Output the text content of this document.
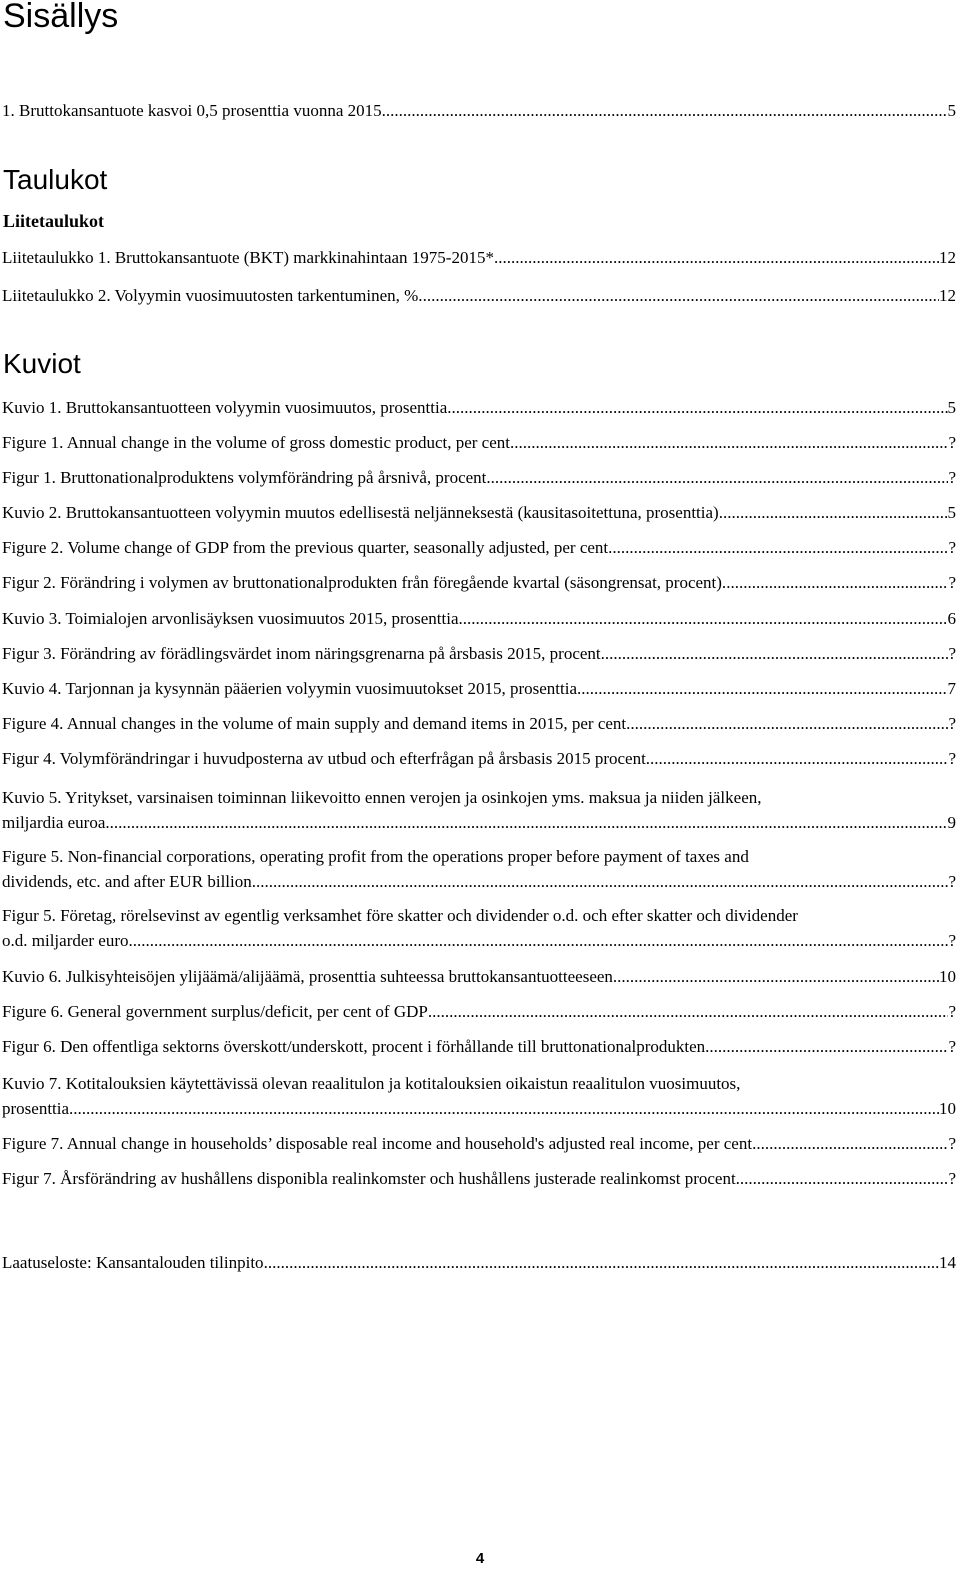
Sisällys
1. Bruttokansantuote kasvoi 0,5 prosenttia vuonna 2015. .....	5
Taulukot
Liitetaulukot
Liitetaulukko 1. Bruttokansantuote (BKT) markkinahintaan 1975-2015*. .....	12
Liitetaulukko 2. Volyymin vuosimuutosten tarkentuminen, %. .....	12
Kuviot
Kuvio 1. Bruttokansantuotteen volyymin vuosimuutos, prosenttia .....	5
Figure 1. Annual change in the volume of gross domestic product, per cent .....	?
Figur 1. Bruttonationalproduktens volymförändring på årsnivå, procent .....	?
Kuvio 2. Bruttokansantuotteen volyymin muutos edellisestä neljänneksestä (kausitasoitettuna, prosenttia) .....	5
Figure 2. Volume change of GDP from the previous quarter, seasonally adjusted, per cent .....	?
Figur 2. Förändring i volymen av bruttonationalprodukten från föregående kvartal (säsongrensat, procent). .....	?
Kuvio 3. Toimialojen arvonlisäyksen vuosimuutos 2015, prosenttia .....	6
Figur 3. Förändring av förädlingsvärdet inom näringsgrenarna på årsbasis 2015, procent .....	?
Kuvio 4. Tarjonnan ja kysynnän pääerien volyymin vuosimuutokset 2015, prosenttia .....	7
Figure 4. Annual changes in the volume of main supply and demand items in 2015, per cent .....	?
Figur 4. Volymförändringar i huvudposterna av utbud och efterfrågan på årsbasis 2015 procent .....	?
Kuvio 5. Yritykset, varsinaisen toiminnan liikevoitto ennen verojen ja osinkojen yms. maksua ja niiden jälkeen,
miljardia euroa .....	9
Figure 5. Non-financial corporations, operating profit from the operations proper before payment of taxes and
dividends, etc. and after EUR billion .....	?
Figur 5. Företag, rörelsevinst av egentlig verksamhet före skatter och dividender o.d. och efter skatter och dividender
o.d. miljarder euro .....	?
Kuvio 6. Julkisyhteisöjen ylijäämä/alijäämä, prosenttia suhteessa bruttokansantuotteeseen .....	10
Figure 6. General government surplus/deficit, per cent of GDP .....	?
Figur 6. Den offentliga sektorns överskott/underskott, procent i förhållande till bruttonationalprodukten .....	?
Kuvio 7. Kotitalouksien käytettävissä olevan reaalitulon ja kotitalouksien oikaistun reaalitulon vuosimuutos,
prosenttia .....	10
Figure 7. Annual change in households’ disposable real income and household's adjusted real income, per cent .....	?
Figur 7. Årsförändring av hushållens disponibla realinkomster och hushållens justerade realinkomst procent .....	?
Laatuseloste: Kansantalouden tilinpito .....	14
4
